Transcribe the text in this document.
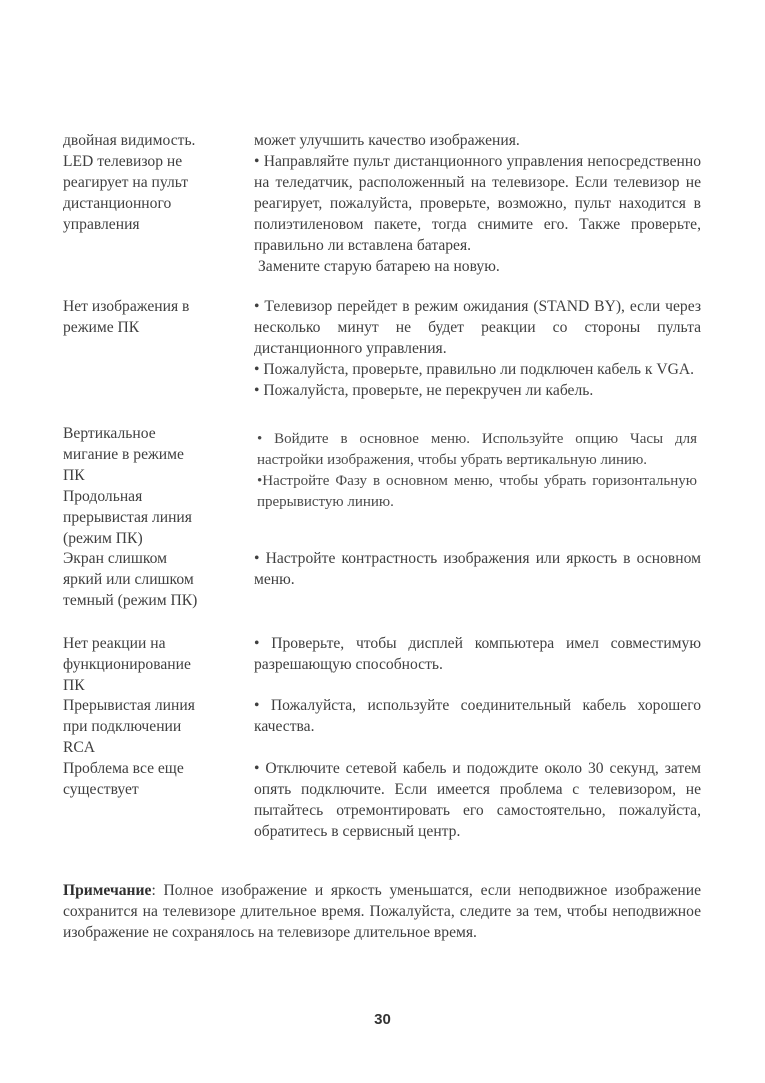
двойная видимость.	может улучшить качество изображения.

LED телевизор не
реагирует на пульт
дистанционного
управления

• Направляйте пульт дистанционного управления непосредственно на теледатчик, расположенный на телевизоре. Если телевизор не реагирует, пожалуйста, проверьте, возможно, пульт находится в полиэтиленовом пакете, тогда снимите его. Также проверьте, правильно ли вставлена батарея.

Замените старую батарею на новую.

Нет изображения в
режиме ПК

• Телевизор перейдет в режим ожидания (STAND BY), если через несколько минут не будет реакции со стороны пульта дистанционного управления.

• Пожалуйста, проверьте, правильно ли подключен кабель к VGA.

• Пожалуйста, проверьте, не перекручен ли кабель.

Вертикальное
мигание в режиме
ПК
Продольная
прерывистая линия
(режим ПК)

• Войдите в основное меню. Используйте опцию Часы для настройки изображения, чтобы убрать вертикальную линию.

•Настройте Фазу в основном меню, чтобы убрать горизонтальную прерывистую линию.

Экран слишком
яркий или слишком
темный (режим ПК)

• Настройте контрастность изображения или яркость в основном меню.

Нет реакции на
функционирование
ПК

• Проверьте, чтобы дисплей компьютера имел совместимую разрешающую способность.

Прерывистая линия
при подключении
RCA

• Пожалуйста, используйте соединительный кабель хорошего качества.

Проблема все еще
существует

• Отключите сетевой кабель и подождите около 30 секунд, затем опять подключите. Если имеется проблема с телевизором, не пытайтесь отремонтировать его самостоятельно, пожалуйста, обратитесь в сервисный центр.

Примечание: Полное изображение и яркость уменьшатся, если неподвижное изображение сохранится на телевизоре длительное время. Пожалуйста, следите за тем, чтобы неподвижное изображение не сохранялось на телевизоре длительное время.

30
